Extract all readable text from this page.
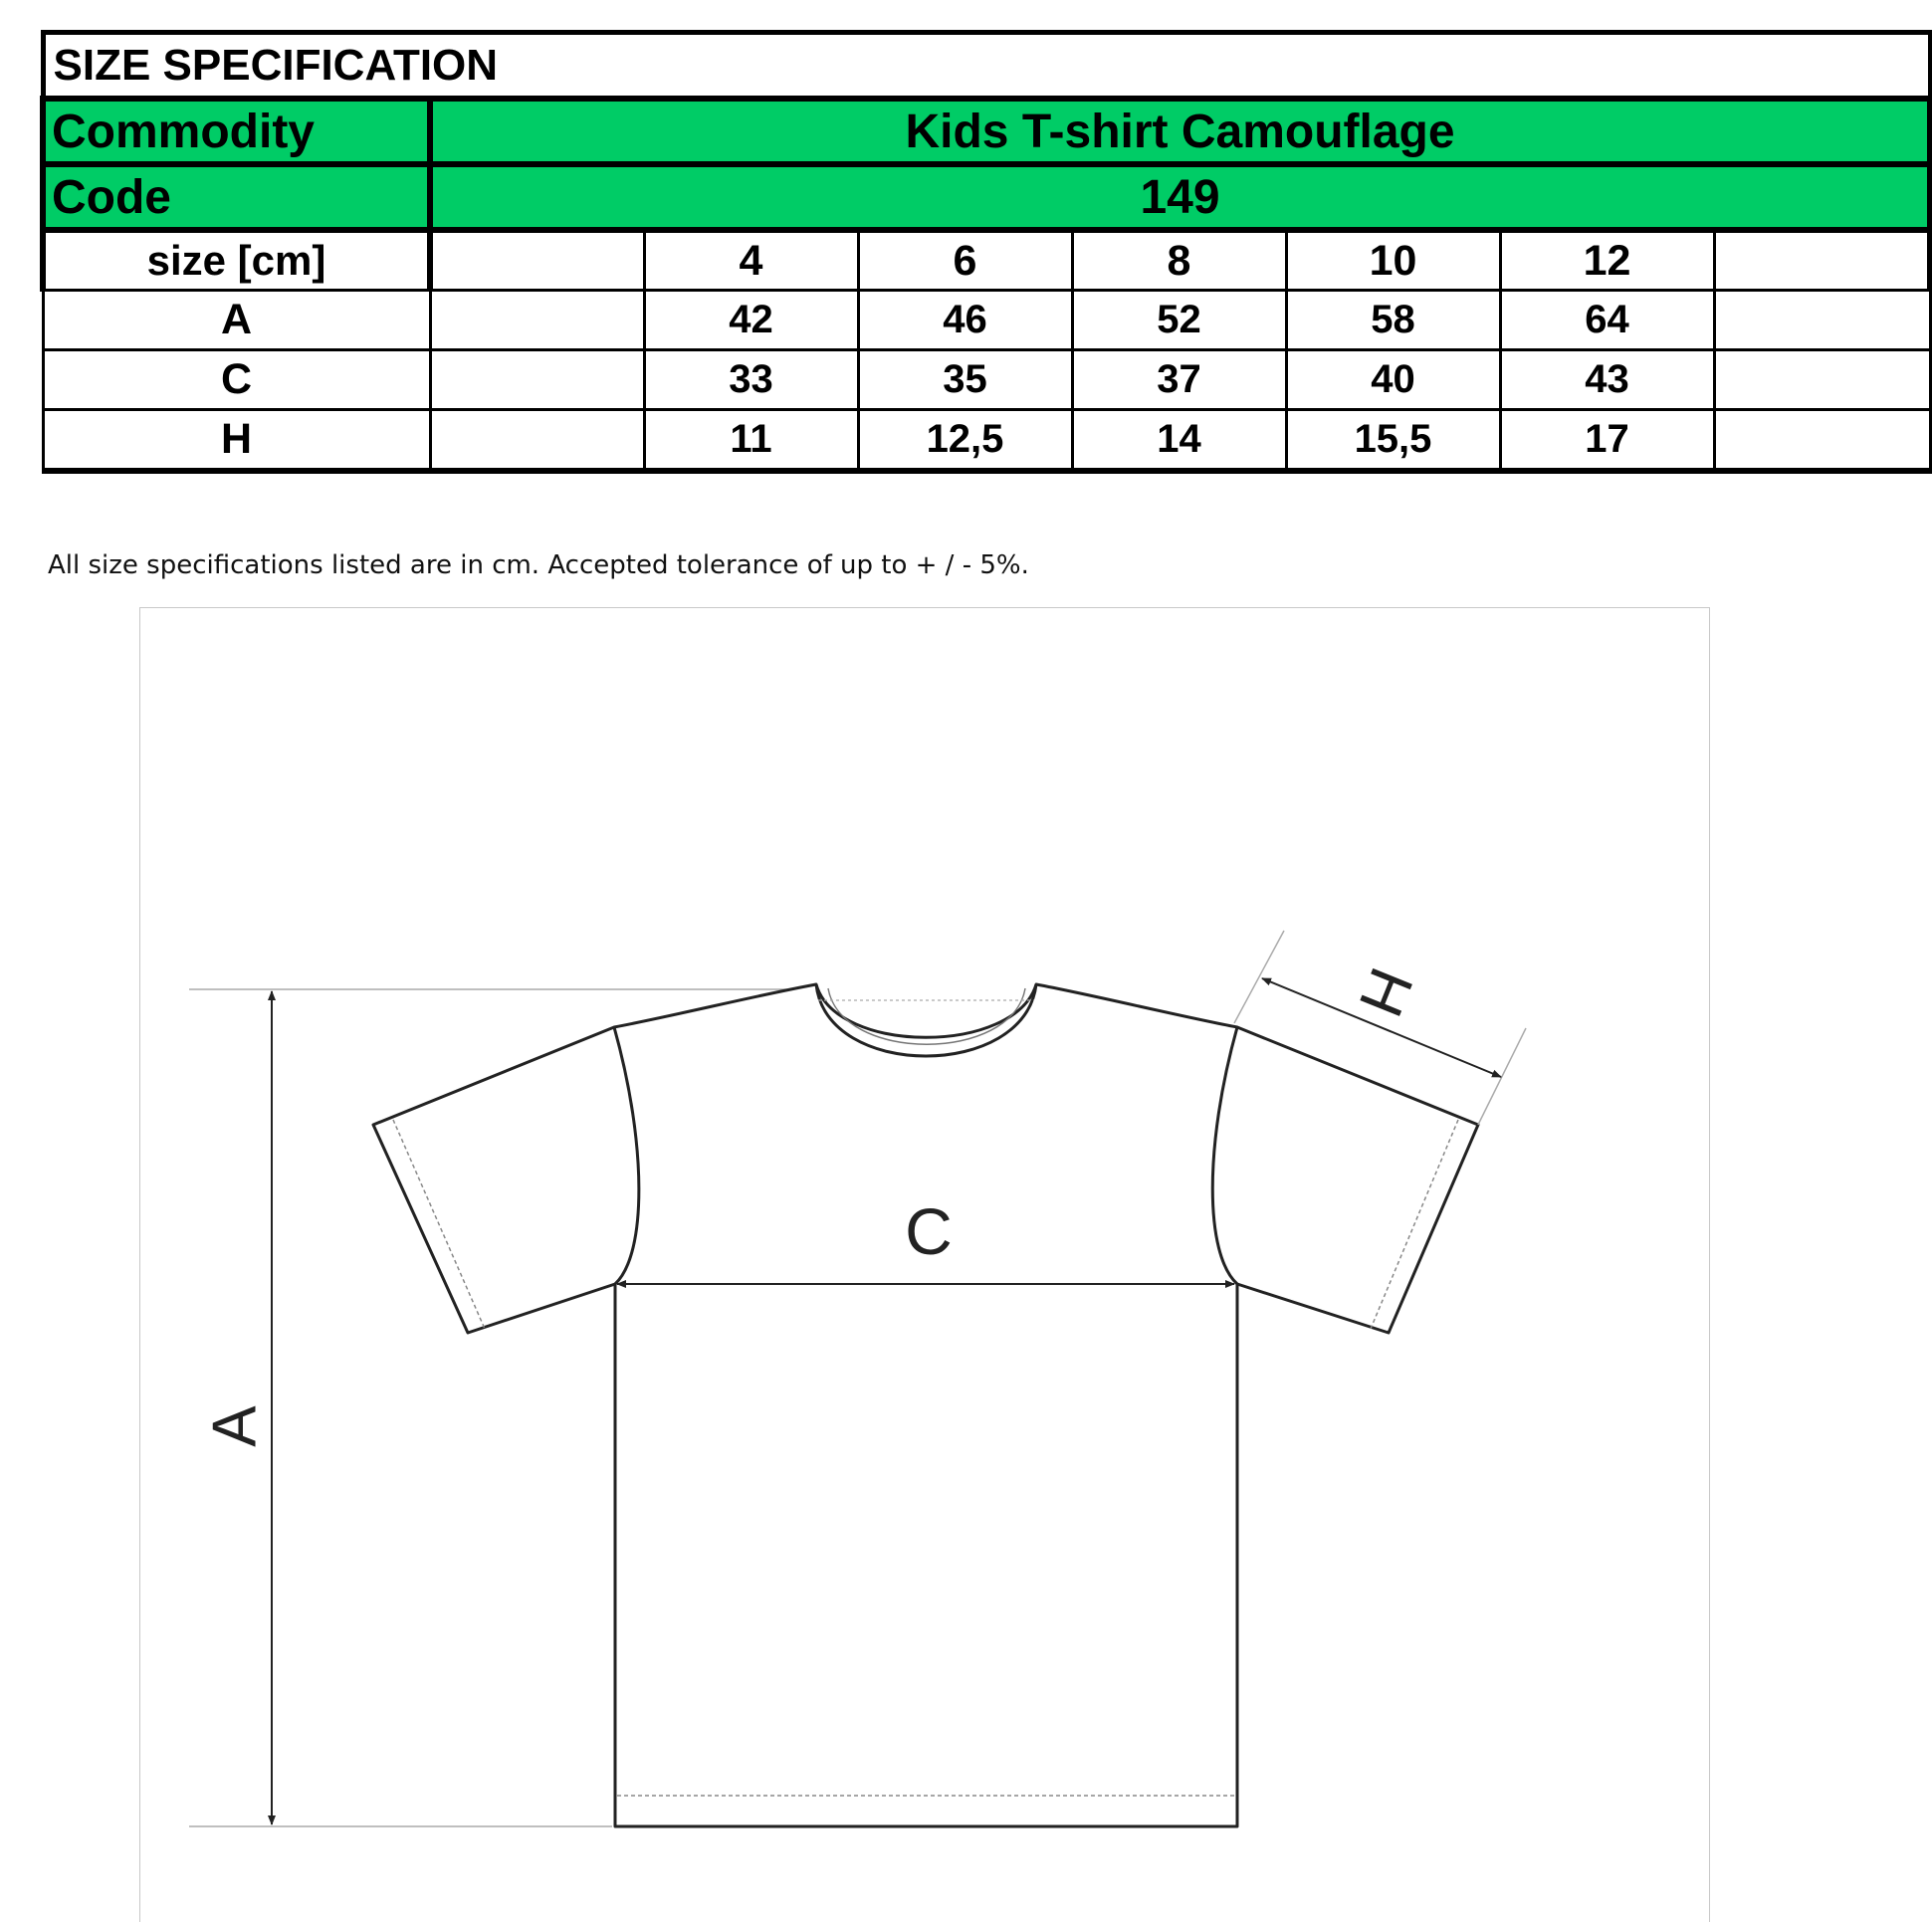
SIZE SPECIFICATION							
Commodity	Kids T-shirt Camouflage						
Code	149						
size [cm]		4	6	8	10	12	
A		42	46	52	58	64	
C		33	35	37	40	43	
H		11	12,5	14	15,5	17	
All size specifications listed are in cm. Accepted tolerance of up to + / - 5%.
A
C
H
